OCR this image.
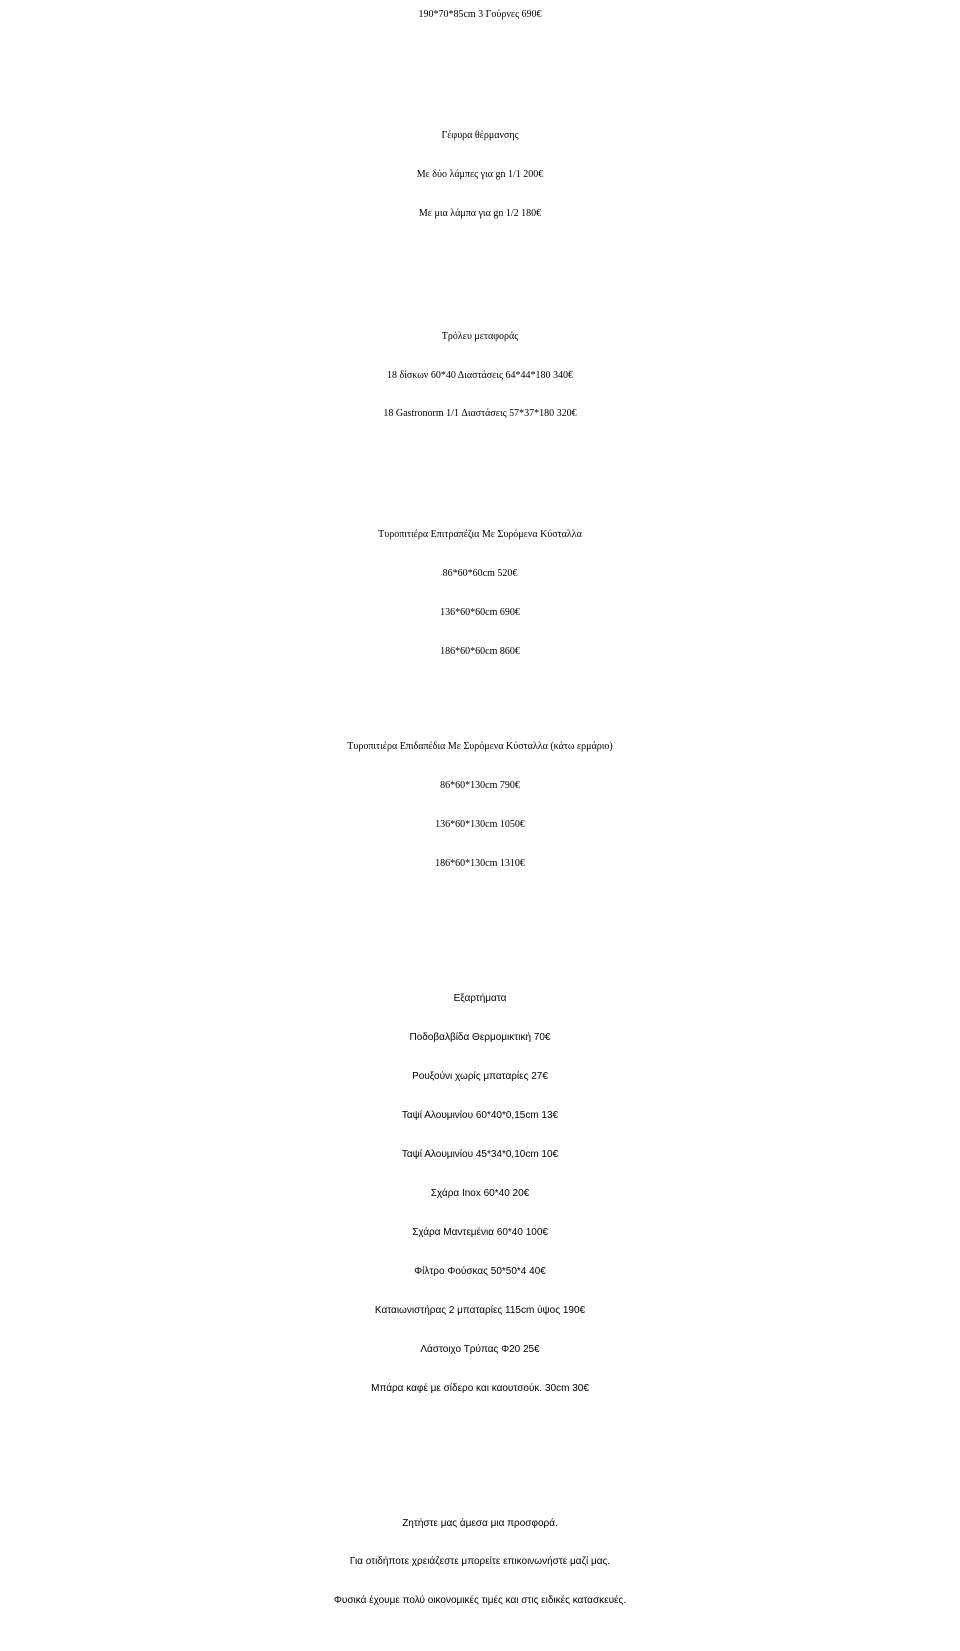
190*70*85cm 3 Γούρνες 690€
Γέφυρα θέρμανσης
Με δύο λάμπες για gn 1/1 200€
Με μια λάμπα για gn 1/2 180€
Τρόλευ μεταφοράς
18 δίσκων 60*40 Διαστάσεις 64*44*180 340€
18 Gastronorm 1/1 Διαστάσεις 57*37*180 320€
Τυροπιτιέρα Επιτραπέζια Με Συρόμενα Κύσταλλα
86*60*60cm 520€
136*60*60cm 690€
186*60*60cm 860€
Τυροπιτιέρα Επιδαπέδια Με Συρόμενα Κύσταλλα (κάτω ερμάριο)
86*60*130cm 790€
136*60*130cm 1050€
186*60*130cm 1310€
Εξαρτήματα
Ποδοβαλβίδα Θερμομικτική 70€
Ρουξούνι χωρίς μπαταρίες 27€
Ταψί Αλουμινίου 60*40*0,15cm 13€
Ταψί Αλουμινίου 45*34*0,10cm 10€
Σχάρα Inox 60*40 20€
Σχάρα Μαντεμένια 60*40 100€
Φίλτρο Φούσκας 50*50*4 40€
Καταιωνιστήρας 2 μπαταρίες 115cm ύψος 190€
Λάστοιχο Τρύπας Φ20 25€
Μπάρα καφέ με σίδερο και καουτσούκ. 30cm 30€
Ζητήστε μας άμεσα μια προσφορά.
Για οτιδήποτε χρειάζεστε μπορείτε επικοινωνήστε μαζί μας.
Φυσικά έχουμε πολύ οικονομικές τιμές και στις ειδικές κατασκευές.
